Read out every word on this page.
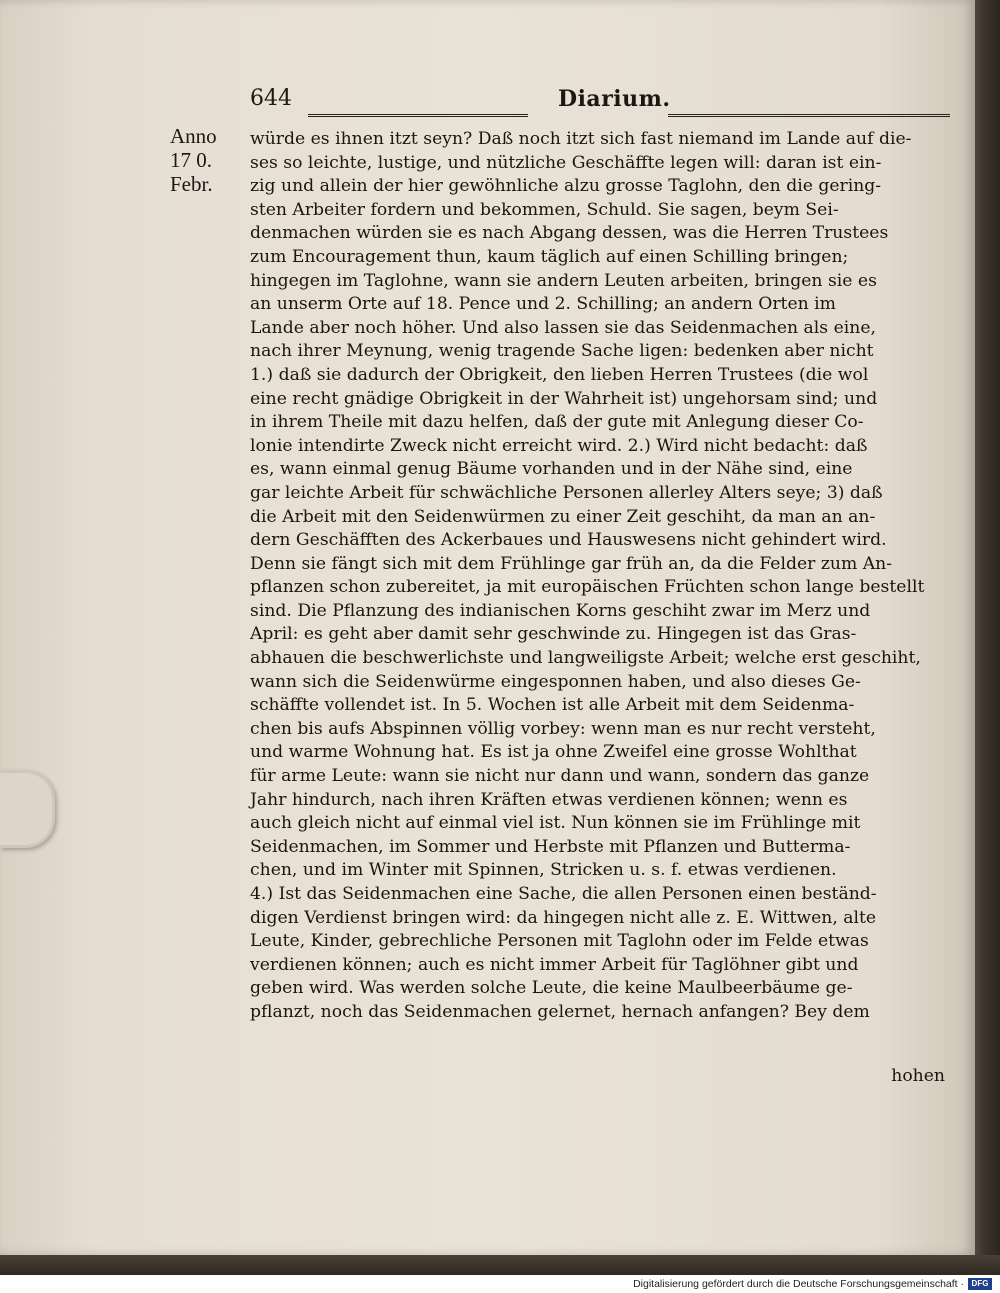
644	Diarium.
Anno
17 0.
Febr.
würde es ihnen itzt seyn? Daß noch itzt sich fast niemand im Lande auf die-
ses so leichte, lustige, und nützliche Geschäffte legen will: daran ist ein-
zig und allein der hier gewöhnliche alzu grosse Taglohn, den die gering-
sten Arbeiter fordern und bekommen, Schuld. Sie sagen, beym Sei-
denmachen würden sie es nach Abgang dessen, was die Herren Trustees
zum Encouragement thun, kaum täglich auf einen Schilling bringen;
hingegen im Taglohne, wann sie andern Leuten arbeiten, bringen sie es
an unserm Orte auf 18. Pence und 2. Schilling; an andern Orten im
Lande aber noch höher. Und also lassen sie das Seidenmachen als eine,
nach ihrer Meynung, wenig tragende Sache ligen: bedenken aber nicht
1.) daß sie dadurch der Obrigkeit, den lieben Herren Trustees (die wol
eine recht gnädige Obrigkeit in der Wahrheit ist) ungehorsam sind; und
in ihrem Theile mit dazu helfen, daß der gute mit Anlegung dieser Co-
lonie intendirte Zweck nicht erreicht wird. 2.) Wird nicht bedacht: daß
es, wann einmal genug Bäume vorhanden und in der Nähe sind, eine
gar leichte Arbeit für schwächliche Personen allerley Alters seye; 3) daß
die Arbeit mit den Seidenwürmen zu einer Zeit geschiht, da man an an-
dern Geschäfften des Ackerbaues und Hauswesens nicht gehindert wird.
Denn sie fängt sich mit dem Frühlinge gar früh an, da die Felder zum An-
pflanzen schon zubereitet, ja mit europäischen Früchten schon lange bestellt
sind. Die Pflanzung des indianischen Korns geschiht zwar im Merz und
April: es geht aber damit sehr geschwinde zu. Hingegen ist das Gras-
abhauen die beschwerlichste und langweiligste Arbeit; welche erst geschiht,
wann sich die Seidenwürme eingesponnen haben, und also dieses Ge-
schäffte vollendet ist. In 5. Wochen ist alle Arbeit mit dem Seidenma-
chen bis aufs Abspinnen völlig vorbey: wenn man es nur recht versteht,
und warme Wohnung hat. Es ist ja ohne Zweifel eine grosse Wohlthat
für arme Leute: wann sie nicht nur dann und wann, sondern das ganze
Jahr hindurch, nach ihren Kräften etwas verdienen können; wenn es
auch gleich nicht auf einmal viel ist. Nun können sie im Frühlinge mit
Seidenmachen, im Sommer und Herbste mit Pflanzen und Butterma-
chen, und im Winter mit Spinnen, Stricken u. s. f. etwas verdienen.
4.) Ist das Seidenmachen eine Sache, die allen Personen einen beständ-
digen Verdienst bringen wird: da hingegen nicht alle z. E. Wittwen, alte
Leute, Kinder, gebrechliche Personen mit Taglohn oder im Felde etwas
verdienen können; auch es nicht immer Arbeit für Taglöhner gibt und
geben wird. Was werden solche Leute, die keine Maulbeerbäume ge-
pflanzt, noch das Seidenmachen gelernet, hernach anfangen? Bey dem
hohen
Digitalisierung gefördert durch die Deutsche Forschungsgemeinschaft · DFG
